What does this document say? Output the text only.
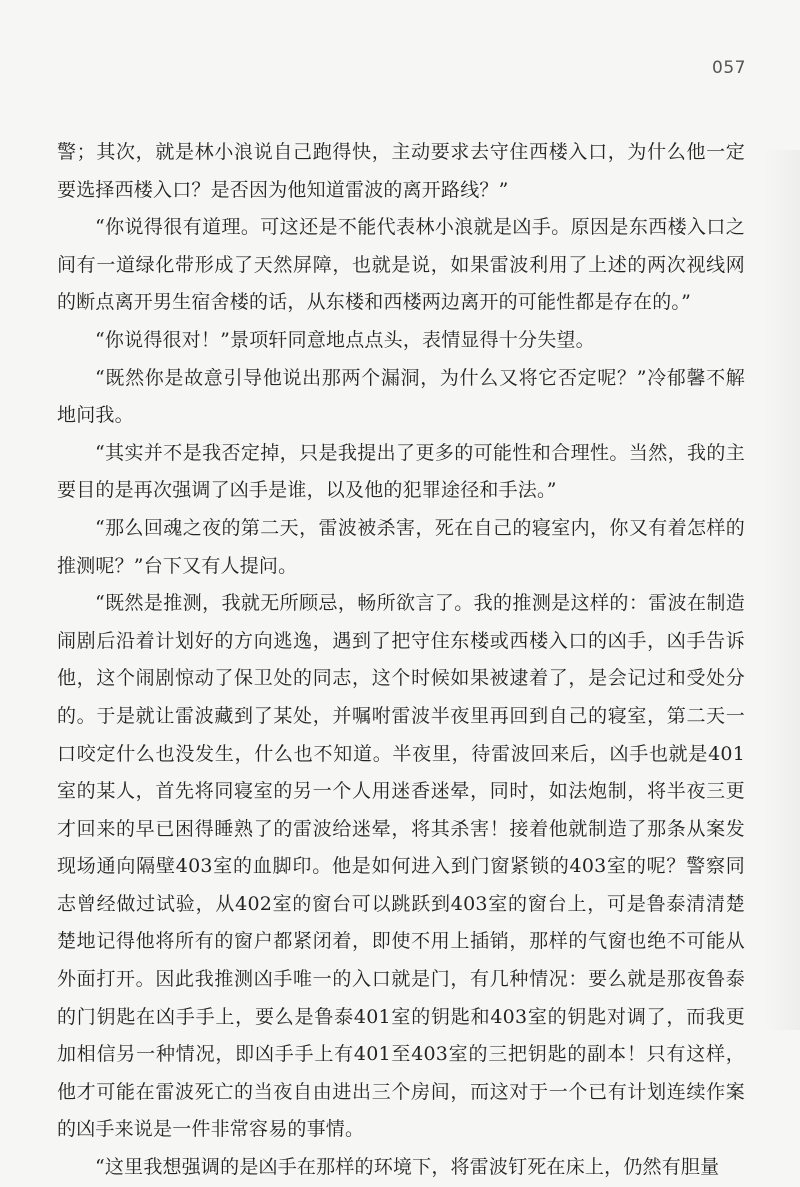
057

警；其次，就是林小浪说自己跑得快，主动要求去守住西楼入口，为什么他一定要选择西楼入口？是否因为他知道雷波的离开路线？”

“你说得很有道理。可这还是不能代表林小浪就是凶手。原因是东西楼入口之间有一道绿化带形成了天然屏障，也就是说，如果雷波利用了上述的两次视线网的断点离开男生宿舍楼的话，从东楼和西楼两边离开的可能性都是存在的。”

“你说得很对！”景项轩同意地点点头，表情显得十分失望。

“既然你是故意引导他说出那两个漏洞，为什么又将它否定呢？”冷郁馨不解地问我。

“其实并不是我否定掉，只是我提出了更多的可能性和合理性。当然，我的主要目的是再次强调了凶手是谁，以及他的犯罪途径和手法。”

“那么回魂之夜的第二天，雷波被杀害，死在自己的寝室内，你又有着怎样的推测呢？”台下又有人提问。

“既然是推测，我就无所顾忌，畅所欲言了。我的推测是这样的：雷波在制造闹剧后沿着计划好的方向逃逸，遇到了把守住东楼或西楼入口的凶手，凶手告诉他，这个闹剧惊动了保卫处的同志，这个时候如果被逮着了，是会记过和受处分的。于是就让雷波藏到了某处，并嘱咐雷波半夜里再回到自己的寝室，第二天一口咬定什么也没发生，什么也不知道。半夜里，待雷波回来后，凶手也就是401室的某人，首先将同寝室的另一个人用迷香迷晕，同时，如法炮制，将半夜三更才回来的早已困得睡熟了的雷波给迷晕，将其杀害！接着他就制造了那条从案发现场通向隔壁403室的血脚印。他是如何进入到门窗紧锁的403室的呢？警察同志曾经做过试验，从402室的窗台可以跳跃到403室的窗台上，可是鲁泰清清楚楚地记得他将所有的窗户都紧闭着，即使不用上插销，那样的气窗也绝不可能从外面打开。因此我推测凶手唯一的入口就是门，有几种情况：要么就是那夜鲁泰的门钥匙在凶手手上，要么是鲁泰401室的钥匙和403室的钥匙对调了，而我更加相信另一种情况，即凶手手上有401至403室的三把钥匙的副本！只有这样，他才可能在雷波死亡的当夜自由进出三个房间，而这对于一个已有计划连续作案的凶手来说是一件非常容易的事情。

“这里我想强调的是凶手在那样的环境下，将雷波钉死在床上，仍然有胆量
